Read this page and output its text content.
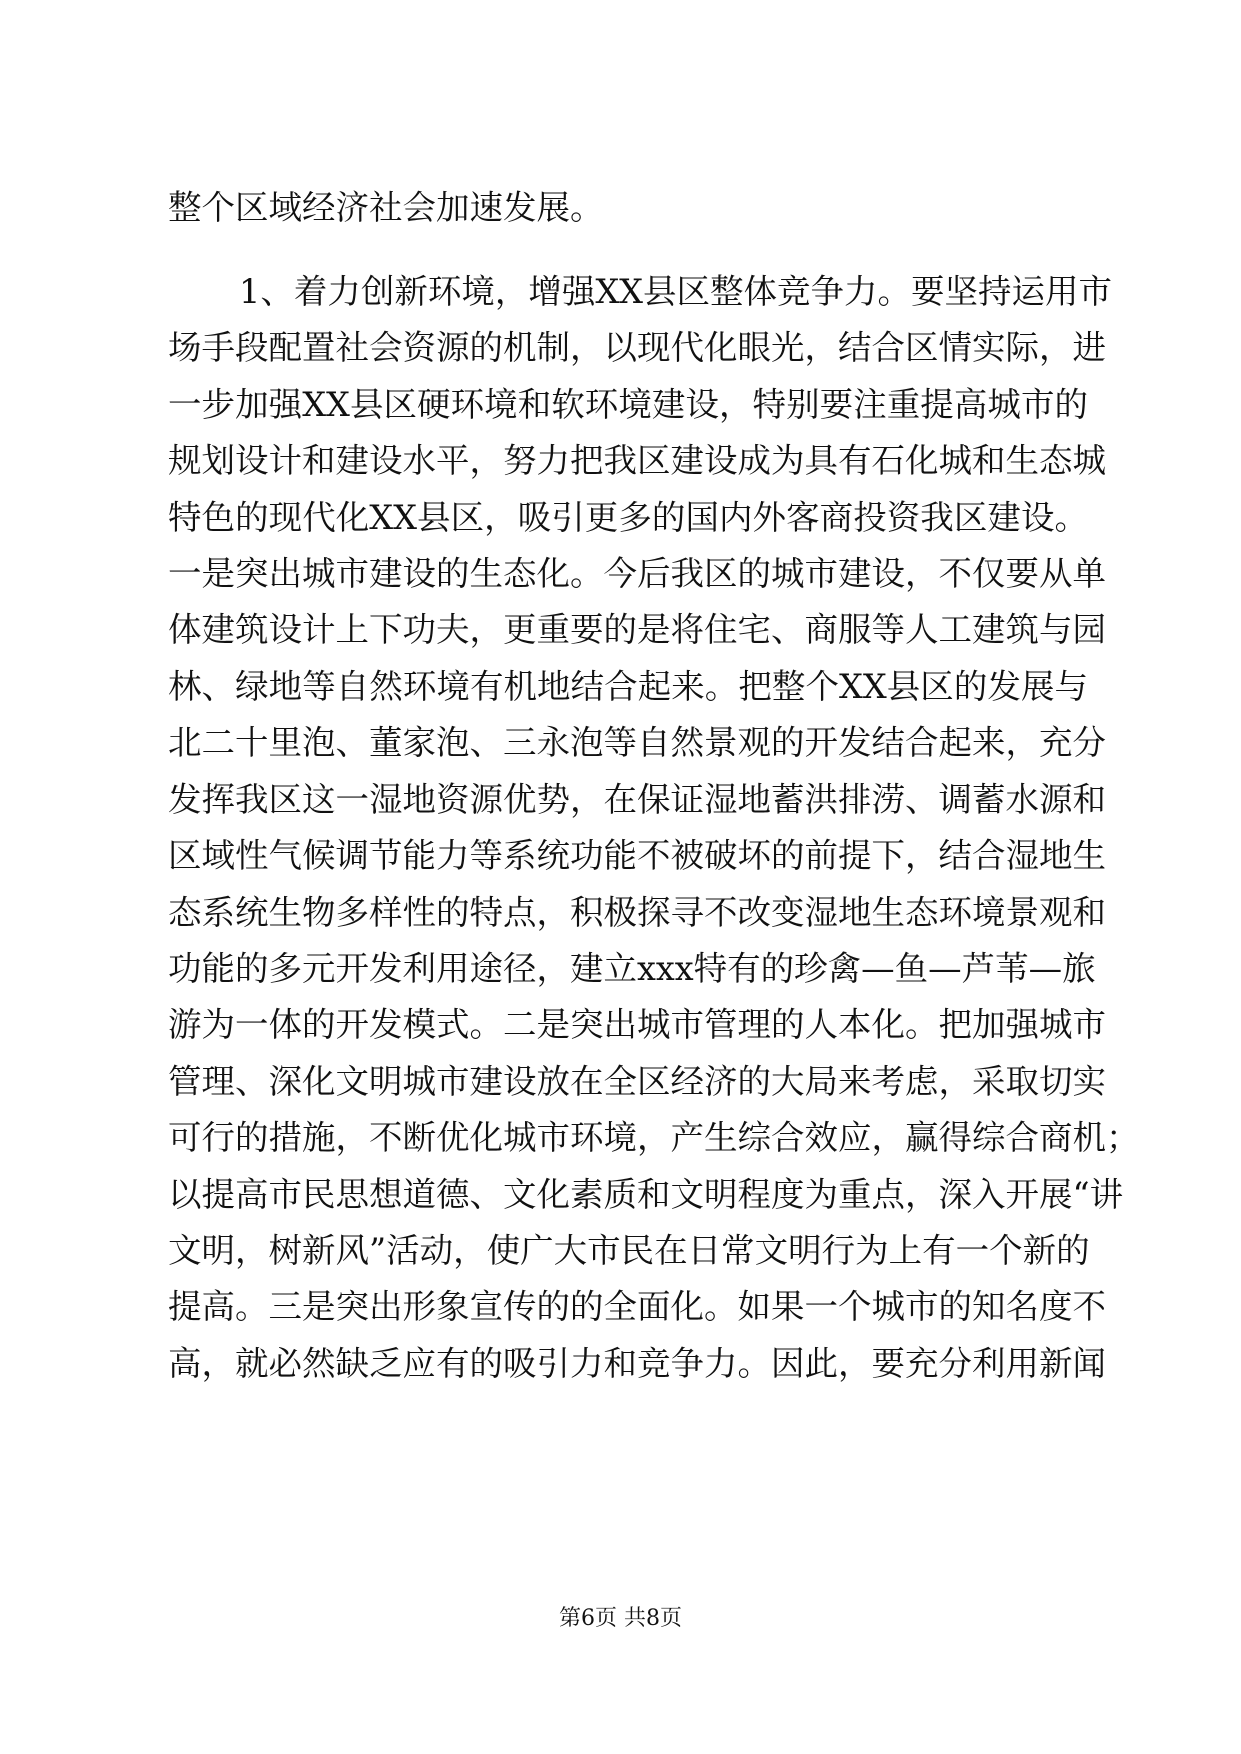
整个区域经济社会加速发展。
1、着力创新环境，增强XX县区整体竞争力。要坚持运用市
场手段配置社会资源的机制，以现代化眼光，结合区情实际，进
一步加强XX县区硬环境和软环境建设，特别要注重提高城市的
规划设计和建设水平，努力把我区建设成为具有石化城和生态城
特色的现代化XX县区，吸引更多的国内外客商投资我区建设。
一是突出城市建设的生态化。今后我区的城市建设，不仅要从单
体建筑设计上下功夫，更重要的是将住宅、商服等人工建筑与园
林、绿地等自然环境有机地结合起来。把整个XX县区的发展与
北二十里泡、董家泡、三永泡等自然景观的开发结合起来，充分
发挥我区这一湿地资源优势，在保证湿地蓄洪排涝、调蓄水源和
区域性气候调节能力等系统功能不被破坏的前提下，结合湿地生
态系统生物多样性的特点，积极探寻不改变湿地生态环境景观和
功能的多元开发利用途径，建立xxx特有的珍禽—鱼—芦苇—旅
游为一体的开发模式。二是突出城市管理的人本化。把加强城市
管理、深化文明城市建设放在全区经济的大局来考虑，采取切实
可行的措施，不断优化城市环境，产生综合效应，赢得综合商机；
以提高市民思想道德、文化素质和文明程度为重点，深入开展“讲
文明，树新风”活动，使广大市民在日常文明行为上有一个新的
提高。三是突出形象宣传的的全面化。如果一个城市的知名度不
高，就必然缺乏应有的吸引力和竞争力。因此，要充分利用新闻
第6页 共8页
